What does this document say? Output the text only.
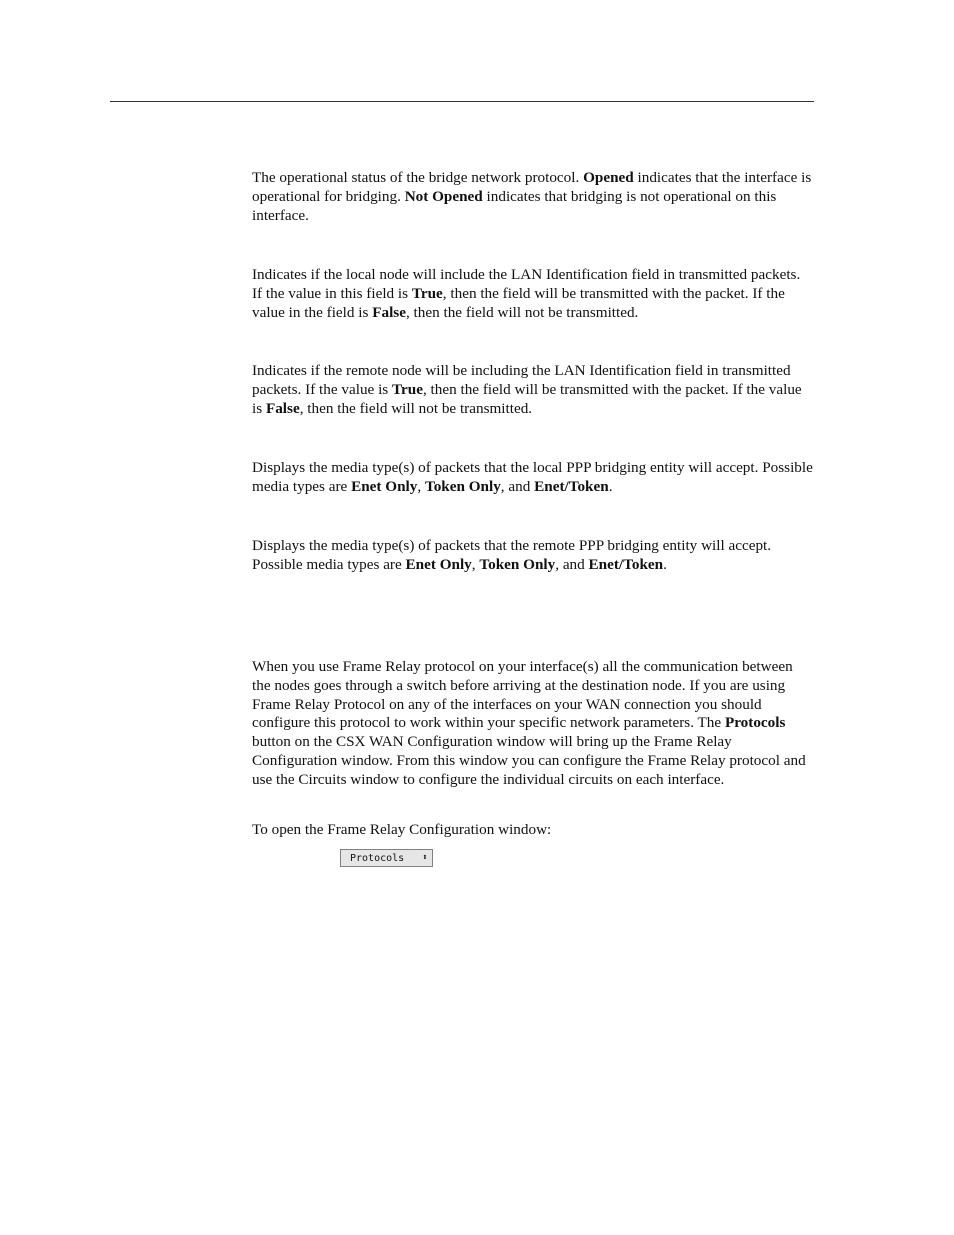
The operational status of the bridge network protocol. Opened indicates that the interface is operational for bridging. Not Opened indicates that bridging is not operational on this interface.

Indicates if the local node will include the LAN Identification field in transmitted packets. If the value in this field is True, then the field will be transmitted with the packet. If the value in the field is False, then the field will not be transmitted.

Indicates if the remote node will be including the LAN Identification field in transmitted packets. If the value is True, then the field will be transmitted with the packet. If the value is False, then the field will not be transmitted.

Displays the media type(s) of packets that the local PPP bridging entity will accept. Possible media types are Enet Only, Token Only, and Enet/Token.

Displays the media type(s) of packets that the remote PPP bridging entity will accept. Possible media types are Enet Only, Token Only, and Enet/Token.

When you use Frame Relay protocol on your interface(s) all the communication between the nodes goes through a switch before arriving at the destination node. If you are using Frame Relay Protocol on any of the interfaces on your WAN connection you should configure this protocol to work within your specific network parameters. The Protocols button on the CSX WAN Configuration window will bring up the Frame Relay Configuration window. From this window you can configure the Frame Relay protocol and use the Circuits window to configure the individual circuits on each interface.

To open the Frame Relay Configuration window:

Protocols	⬍
